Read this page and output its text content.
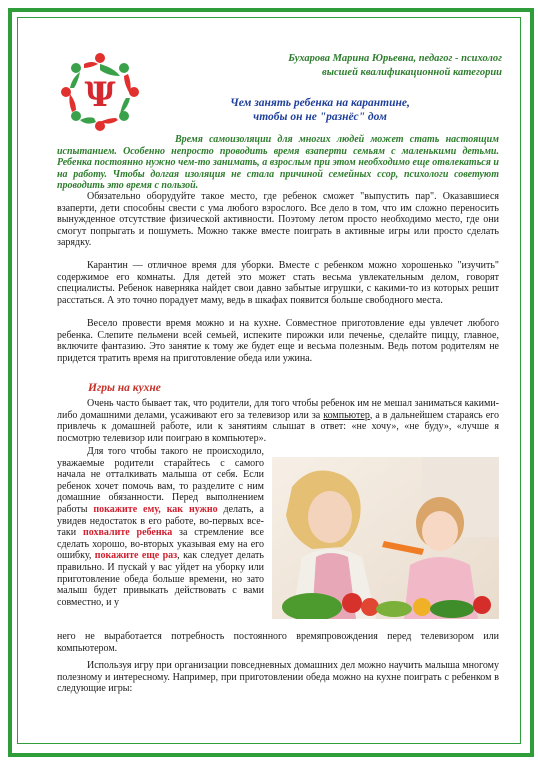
Ψ
Бухарова Марина Юрьевна, педагог - психолог
высшей квалификационной категории
Чем занять ребенка на карантине,
чтобы он не "разнёс" дом
Время самоизоляции для многих людей может стать настоящим испытанием. Особенно непросто проводить время взаперти семьям с маленькими детьми. Ребенка постоянно нужно чем-то занимать, а взрослым при этом необходимо еще отвлекаться и на работу. Чтобы долгая изоляция не стала причиной семейных ссор, психологи советуют проводить это время с пользой.
Обязательно оборудуйте такое место, где ребенок сможет "выпустить пар". Оказавшиеся взаперти, дети способны свести с ума любого взрослого. Все дело в том, что им сложно переносить вынужденное отсутствие физической активности. Поэтому летом просто необходимо место, где они смогут попрыгать и пошуметь. Можно также вместе поиграть в активные игры или просто сделать зарядку.
Карантин — отличное время для уборки. Вместе с ребенком можно хорошенько "изучить" содержимое его комнаты. Для детей это может стать весьма увлекательным делом, говорят специалисты. Ребенок наверняка найдет свои давно забытые игрушки, с какими-то из которых решит расстаться. А это точно порадует маму, ведь в шкафах появится больше свободного места.
Весело провести время можно и на кухне. Совместное приготовление еды увлечет любого ребенка. Слепите пельмени всей семьей, испеките пирожки или печенье, сделайте пиццу, главное, включите фантазию. Это занятие к тому же будет еще и весьма полезным. Ведь потом родителям не придется тратить время на приготовление обеда или ужина.
Игры на кухне
Очень часто бывает так, что родители, для того чтобы ребенок им не мешал заниматься какими-либо домашними делами, усаживают его за телевизор или за компьютер, а в дальнейшем стараясь его привлечь к домашней работе, или к занятиям слышат в ответ: «не хочу», «не буду», «лучше я посмотрю телевизор или поиграю в компьютер».
Для того чтобы такого не происходило, уважаемые родители старайтесь с самого начала не отталкивать малыша от себя. Если ребенок хочет помочь вам, то разделите с ним домашние обязанности. Перед выполнением работы покажите ему, как нужно делать, а увидев недостаток в его работе, во-первых все-таки похвалите ребенка за стремление все сделать хорошо, во-вторых указывая ему на его ошибку, покажите еще раз, как следует делать правильно. И пускай у вас уйдет на уборку или приготовление обеда больше времени, но зато малыш будет привыкать действовать с вами совместно, и у
него не выработается потребность постоянного времяпровождения перед телевизором или компьютером.
Используя игру при организации повседневных домашних дел можно научить малыша многому полезному и интересному. Например, при приготовлении обеда можно на кухне поиграть с ребенком в следующие игры:
